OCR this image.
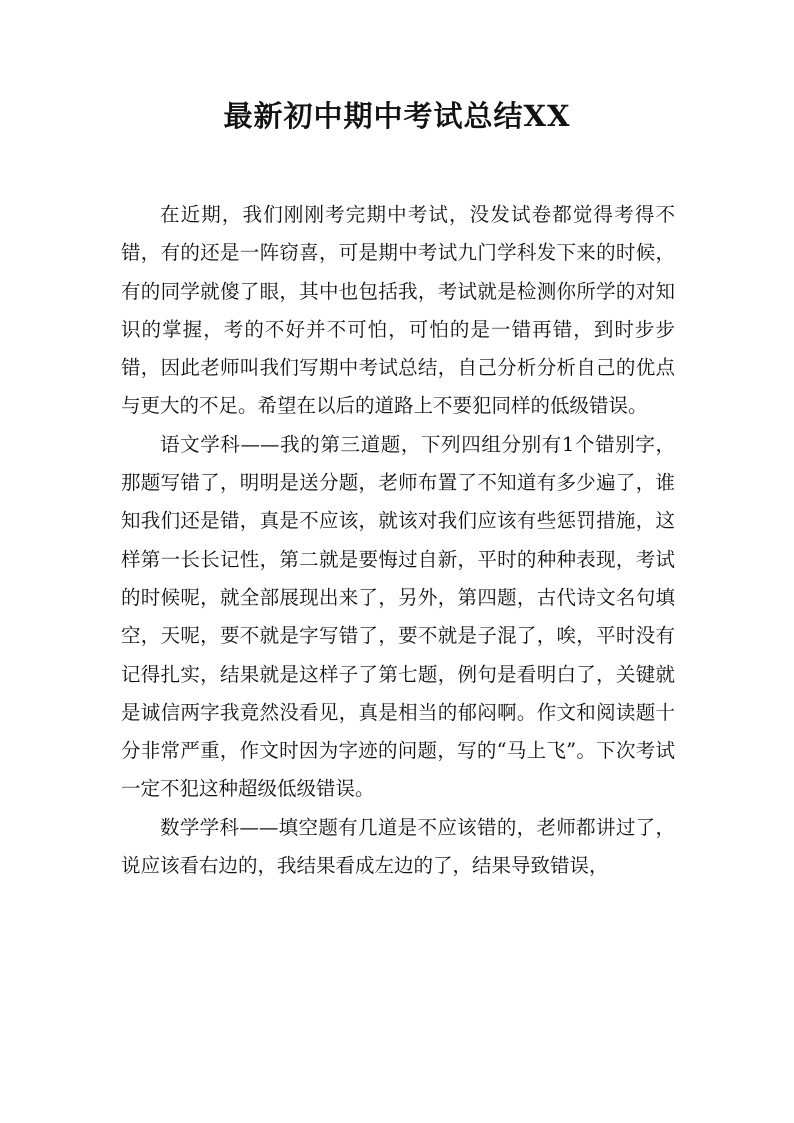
最新初中期中考试总结XX

在近期，我们刚刚考完期中考试，没发试卷都觉得考得不错，有的还是一阵窃喜，可是期中考试九门学科发下来的时候，有的同学就傻了眼，其中也包括我，考试就是检测你所学的对知识的掌握，考的不好并不可怕，可怕的是一错再错，到时步步错，因此老师叫我们写期中考试总结，自己分析分析自己的优点与更大的不足。希望在以后的道路上不要犯同样的低级错误。

语文学科——我的第三道题，下列四组分别有1个错别字，那题写错了，明明是送分题，老师布置了不知道有多少遍了，谁知我们还是错，真是不应该，就该对我们应该有些惩罚措施，这样第一长长记性，第二就是要悔过自新，平时的种种表现，考试的时候呢，就全部展现出来了，另外，第四题，古代诗文名句填空，天呢，要不就是字写错了，要不就是子混了，唉，平时没有记得扎实，结果就是这样子了第七题，例句是看明白了，关键就是诚信两字我竟然没看见，真是相当的郁闷啊。作文和阅读题十分非常严重，作文时因为字迹的问题，写的“马上飞”。下次考试一定不犯这种超级低级错误。

数学学科——填空题有几道是不应该错的，老师都讲过了，说应该看右边的，我结果看成左边的了，结果导致错误，
